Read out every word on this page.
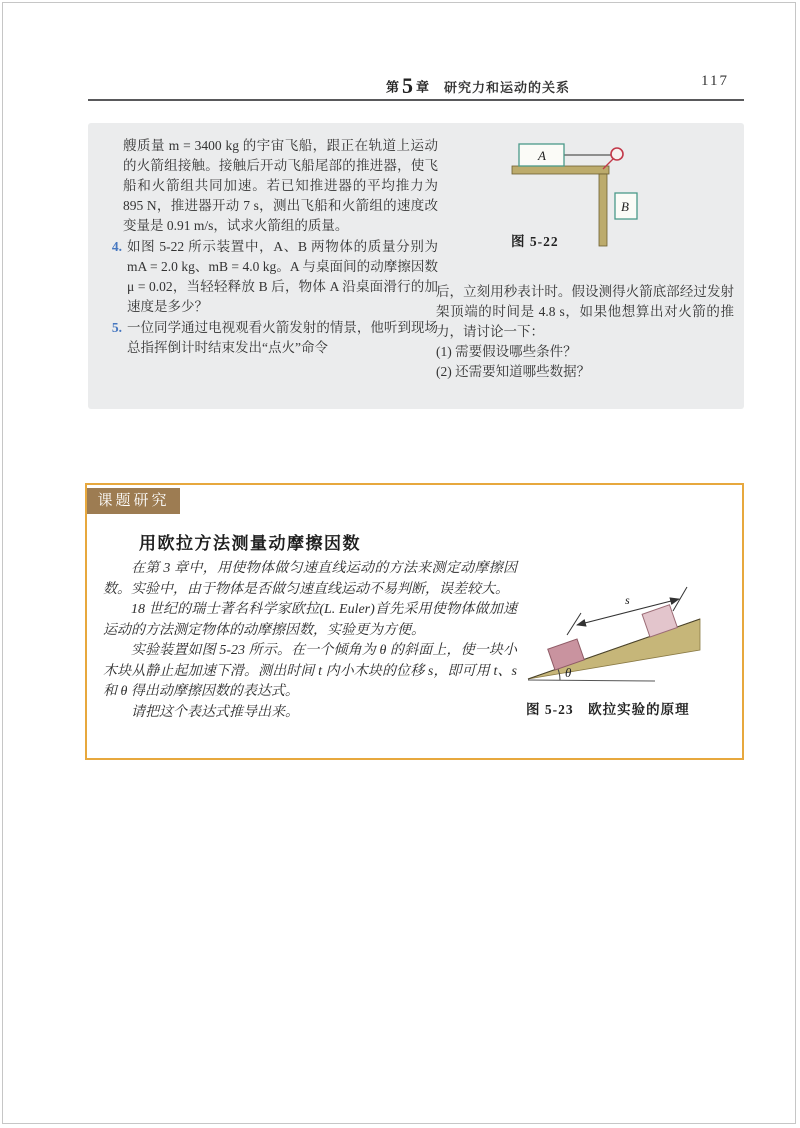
第5 章 研究力和运动的关系	117
艘质量 m = 3400 kg 的宇宙飞船，跟正在轨道上运动的火箭组接触。接触后开动飞船尾部的推进器，使飞船和火箭组共同加速。若已知推进器的平均推力为 895 N，推进器开动 7 s，测出飞船和火箭组的速度改变量是 0.91 m/s，试求火箭组的质量。
4. 如图 5-22 所示装置中，A、B 两物体的质量分别为 mA = 2.0 kg、mB = 4.0 kg。A 与桌面间的动摩擦因数 μ = 0.02，当轻轻释放 B 后，物体 A 沿桌面滑行的加速度是多少？
5. 一位同学通过电视观看火箭发射的情景，他听到现场总指挥倒计时结束发出“点火”命令
后，立刻用秒表计时。假设测得火箭底部经过发射架顶端的时间是 4.8 s，如果他想算出对火箭的推力，请讨论一下：
(1) 需要假设哪些条件？
(2) 还需要知道哪些数据？
A
B
图 5-22
课题研究
用欧拉方法测量动摩擦因数

在第 3 章中，用使物体做匀速直线运动的方法来测定动摩擦因数。实验中，由于物体是否做匀速直线运动不易判断，误差较大。

18 世纪的瑞士著名科学家欧拉(L. Euler)首先采用使物体做加速运动的方法测定物体的动摩擦因数，实验更为方便。

实验装置如图 5-23 所示。在一个倾角为 θ 的斜面上，使一块小木块从静止起加速下滑。测出时间 t 内小木块的位移 s，即可用 t、s 和 θ 得出动摩擦因数的表达式。

请把这个表达式推导出来。

θ
s
图 5-23　欧拉实验的原理
